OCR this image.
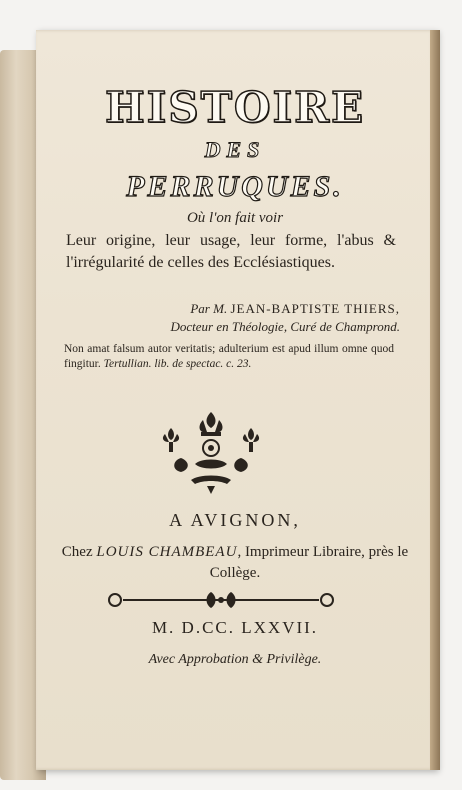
HISTOIRE
DES
PERRUQUES.
Où l'on fait voir
Leur origine, leur usage, leur forme, l'abus & l'irrégularité de celles des Ecclésiastiques.
Par M. JEAN-BAPTISTE THIERS,
Docteur en Théologie, Curé de Champrond.
Non amat falsum autor veritatis; adulterium est apud illum omne quod fingitur. Tertullian. lib. de spectac. c. 23.
A AVIGNON,
Chez LOUIS CHAMBEAU, Imprimeur Libraire, près le Collège.
M. D.CC. LXXVII.
Avec Approbation & Privilège.
